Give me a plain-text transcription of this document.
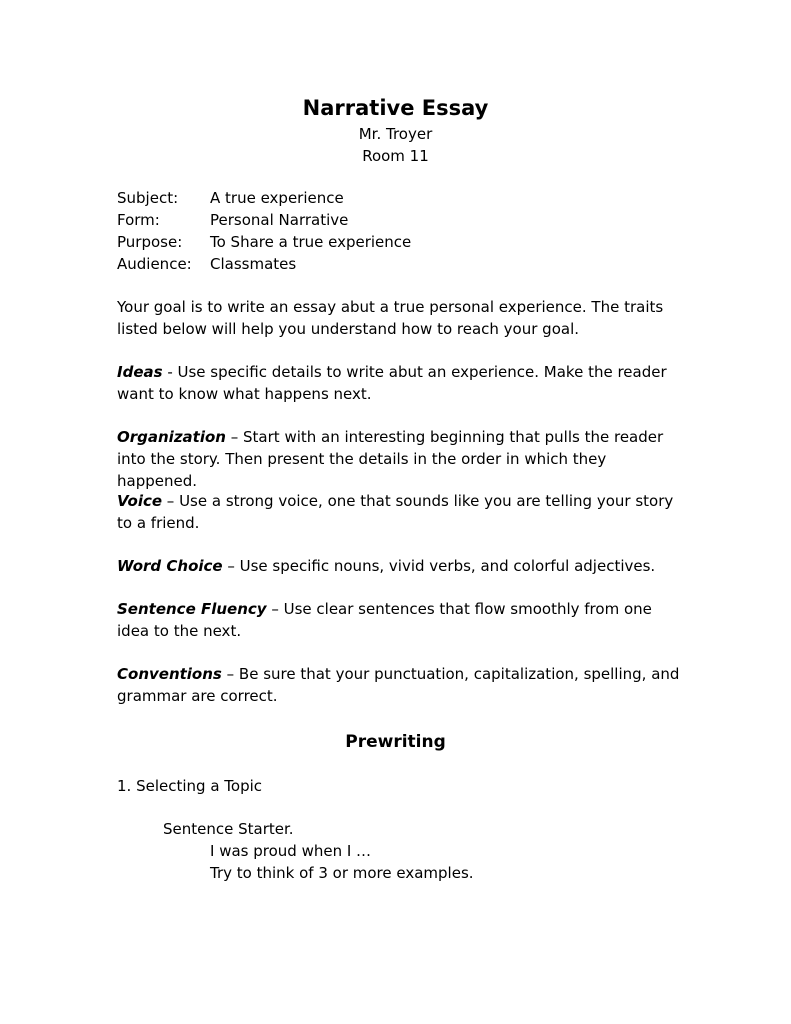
Narrative Essay
Mr. Troyer
Room 11
Subject: A true experience
Form:	Personal Narrative
Purpose: To Share a true experience
Audience: Classmates
Your goal is to write an essay abut a true personal experience. The traits listed below will help you understand how to reach your goal.
Ideas - Use specific details to write abut an experience. Make the reader want to know what happens next.
Organization – Start with an interesting beginning that pulls the reader into the story. Then present the details in the order in which they happened.
Voice – Use a strong voice, one that sounds like you are telling your story to a friend.
Word Choice – Use specific nouns, vivid verbs, and colorful adjectives.
Sentence Fluency – Use clear sentences that flow smoothly from one idea to the next.
Conventions – Be sure that your punctuation, capitalization, spelling, and grammar are correct.
Prewriting
1. Selecting a Topic
Sentence Starter.
I was proud when I …
Try to think of 3 or more examples.
